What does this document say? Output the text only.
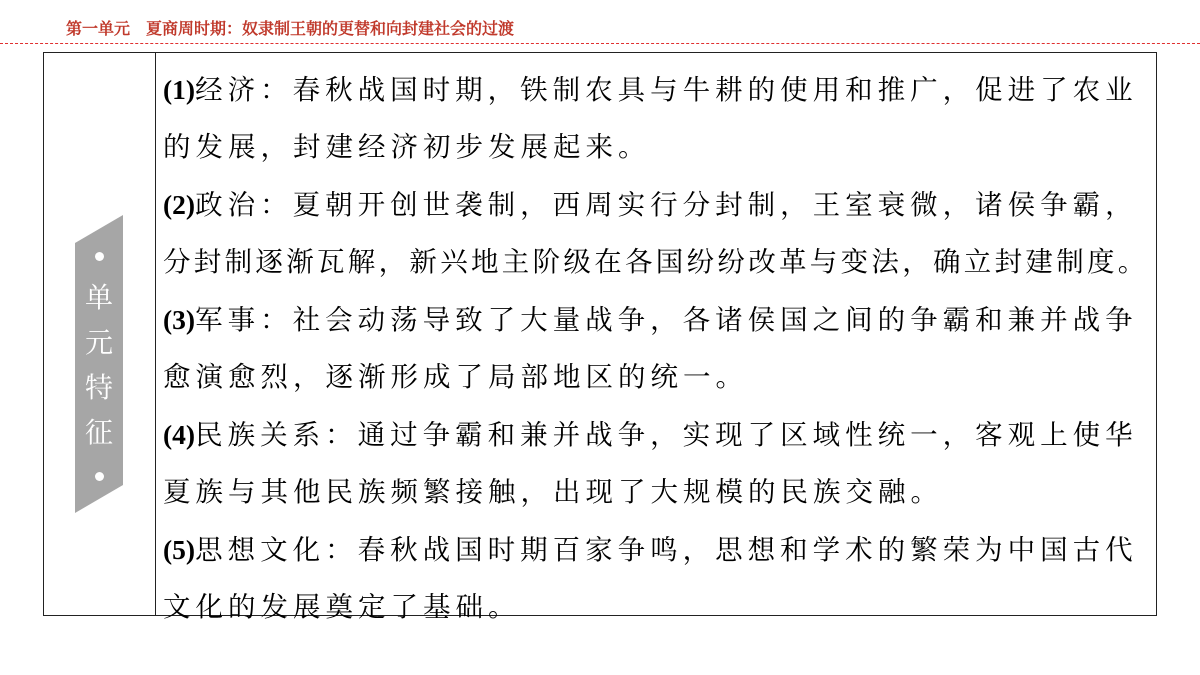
第一单元　夏商周时期：奴隶制王朝的更替和向封建社会的过渡
单
元
特
征
(1)经济：春秋战国时期，铁制农具与牛耕的使用和推广，促进了农业
的发展，封建经济初步发展起来。
(2)政治：夏朝开创世袭制，西周实行分封制，王室衰微，诸侯争霸，
分封制逐渐瓦解，新兴地主阶级在各国纷纷改革与变法，确立封建制度。
(3)军事：社会动荡导致了大量战争，各诸侯国之间的争霸和兼并战争
愈演愈烈，逐渐形成了局部地区的统一。
(4)民族关系：通过争霸和兼并战争，实现了区域性统一，客观上使华
夏族与其他民族频繁接触，出现了大规模的民族交融。
(5)思想文化：春秋战国时期百家争鸣，思想和学术的繁荣为中国古代
文化的发展奠定了基础。
